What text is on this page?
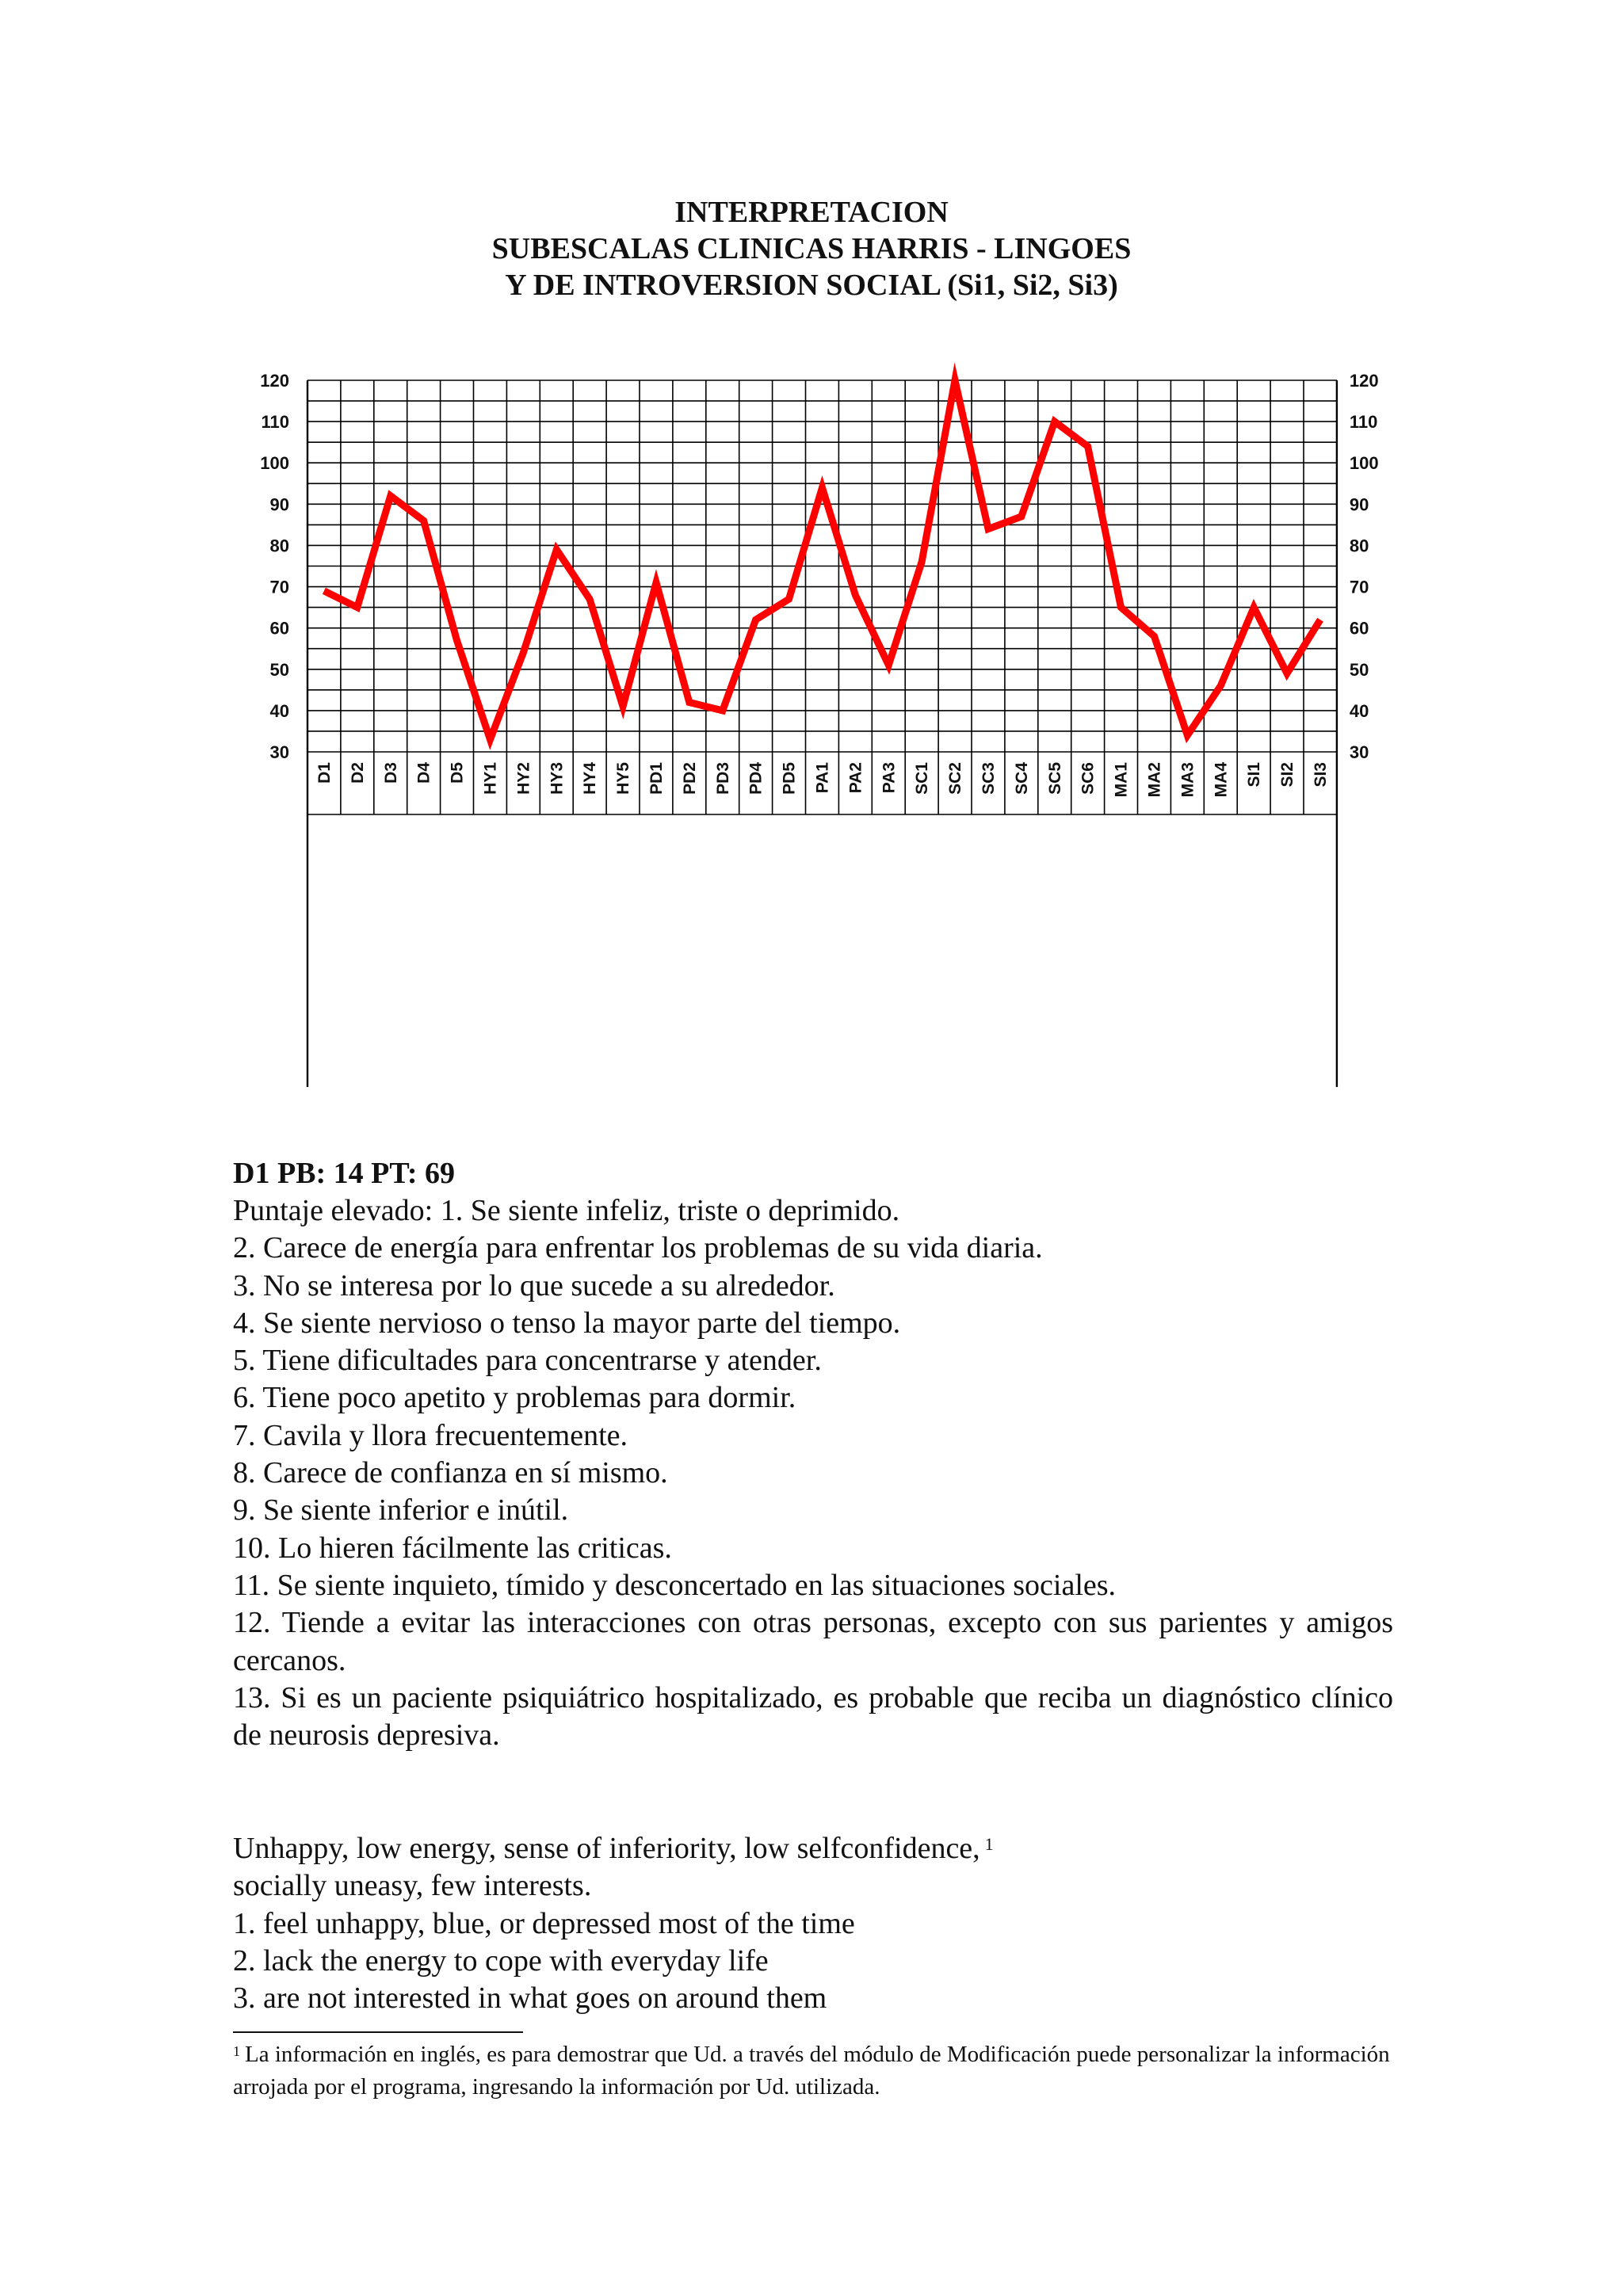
INTERPRETACION
SUBESCALAS CLINICAS HARRIS - LINGOES
Y DE INTROVERSION SOCIAL (Si1, Si2, Si3)
30	30
40	40
50	50
60	60
70	70
80	80
90	90
100	100
110	110
120	120
D1 D2 D3 D4 D5 HY1 HY2 HY3 HY4 HY5 PD1 PD2 PD3 PD4 PD5 PA1 PA2 PA3 SC1 SC2 SC3 SC4 SC5 SC6 MA1 MA2 MA3 MA4 SI1 SI2 SI3
D1 PB: 14 PT: 69

Puntaje elevado: 1. Se siente infeliz, triste o deprimido.

2. Carece de energía para enfrentar los problemas de su vida diaria.

3. No se interesa por lo que sucede a su alrededor.

4. Se siente nervioso o tenso la mayor parte del tiempo.

5. Tiene dificultades para concentrarse y atender.

6. Tiene poco apetito y problemas para dormir.

7. Cavila y llora frecuentemente.

8. Carece de confianza en sí mismo.

9. Se siente inferior e inútil.

10. Lo hieren fácilmente las criticas.

11. Se siente inquieto, tímido y desconcertado en las situaciones sociales.

12. Tiende a evitar las interacciones con otras personas, excepto con sus parientes y amigos cercanos.

13. Si es un paciente psiquiátrico hospitalizado, es probable que reciba un diagnóstico clínico de neurosis depresiva.

Unhappy, low energy, sense of inferiority, low selfconfidence, $^1$

socially uneasy, few interests.

1. feel unhappy, blue, or depressed most of the time

2. lack the energy to cope with everyday life

3. are not interested in what goes on around them

$^1$ La información en inglés, es para demostrar que Ud. a través del módulo de Modificación puede personalizar la información arrojada por el programa, ingresando la información por Ud. utilizada.
